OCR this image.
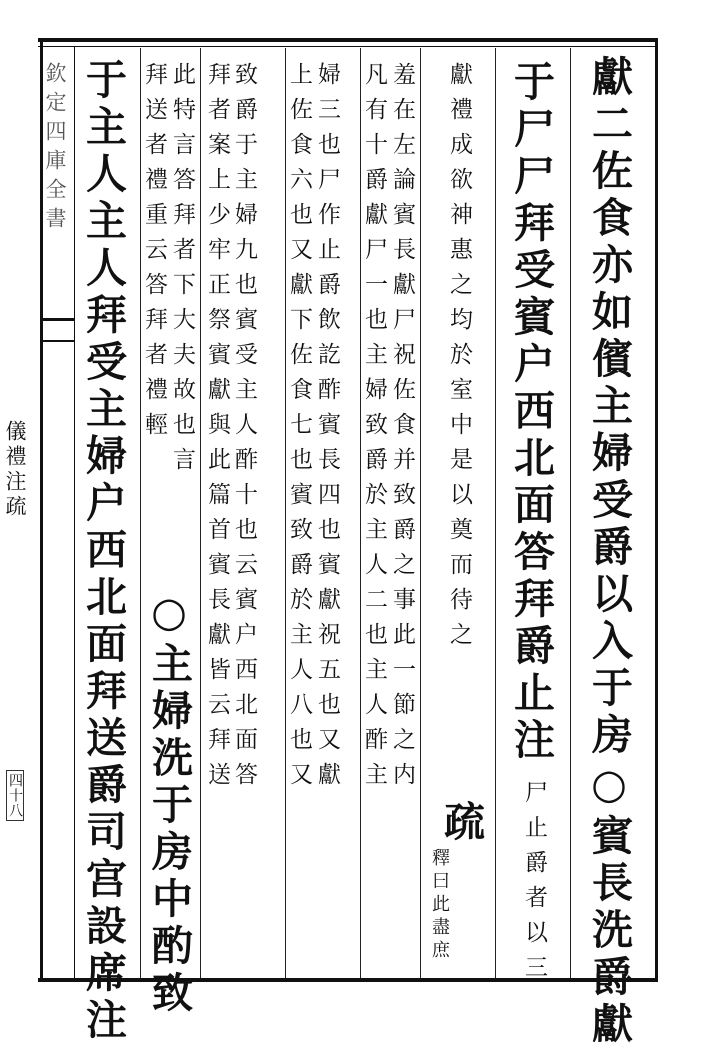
欽定四庫全書
儀禮注疏
四十八	獻二佐食亦如儐主婦受爵以入于房○賓長洗爵獻
于尸尸拜受賓户西北面答拜爵止注
尸止爵者以三
獻禮成欲神惠之均於室中是以奠而待之
疏
釋曰此盡庶
羞在左論賓長獻尸祝佐食并致爵之事此一節之内
凡有十爵獻尸一也主婦致爵於主人二也主人酢主
婦三也尸作止爵飲訖酢賓長四也賓獻祝五也又獻
上佐食六也又獻下佐食七也賓致爵於主人八也又
致爵于主婦九也賓受主人酢十也云賓户西北面答
拜者案上少牢正祭賓獻與此篇首賓長獻皆云拜送
此特言答拜者下大夫故也言
拜送者禮重云答拜者禮輕
○主婦洗于房中酌致
于主人主人拜受主婦户西北面拜送爵司宫設席注
